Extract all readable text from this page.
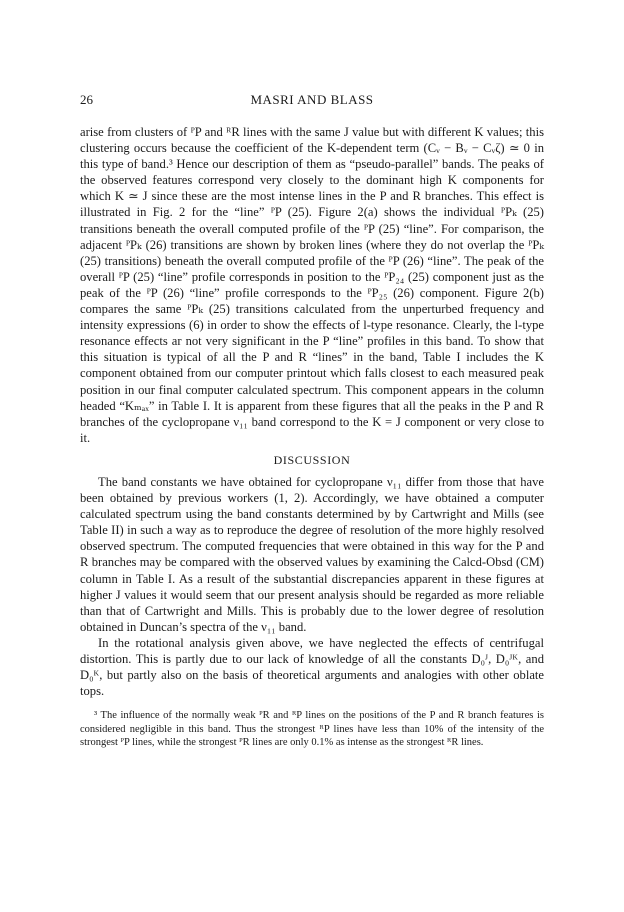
26	MASRI AND BLASS

arise from clusters of ᴾP and ᴿR lines with the same J value but with different K values; this clustering occurs because the coefficient of the K-dependent term (Cᵥ − Bᵥ − Cᵥζ) ≃ 0 in this type of band.³ Hence our description of them as “pseudo-parallel” bands. The peaks of the observed features correspond very closely to the dominant high K components for which K ≃ J since these are the most intense lines in the P and R branches. This effect is illustrated in Fig. 2 for the “line” ᴾP (25). Figure 2(a) shows the individual ᴾPₖ (25) transitions beneath the overall computed profile of the ᴾP (25) “line”. For comparison, the adjacent ᴾPₖ (26) transitions are shown by broken lines (where they do not overlap the ᴾPₖ (25) transitions) beneath the overall computed profile of the ᴾP (26) “line”. The peak of the overall ᴾP (25) “line” profile corresponds in position to the ᴾP₂₄ (25) component just as the peak of the ᴾP (26) “line” profile corresponds to the ᴾP₂₅ (26) component. Figure 2(b) compares the same ᴾPₖ (25) transitions calculated from the unperturbed frequency and intensity expressions (6) in order to show the effects of l-type resonance. Clearly, the l-type resonance effects ar not very significant in the P “line” profiles in this band. To show that this situation is typical of all the P and R “lines” in the band, Table I includes the K component obtained from our computer printout which falls closest to each measured peak position in our final computer calculated spectrum. This component appears in the column headed “Kₘₐₓ” in Table I. It is apparent from these figures that all the peaks in the P and R branches of the cyclopropane ν₁₁ band correspond to the K = J component or very close to it.

DISCUSSION

The band constants we have obtained for cyclopropane ν₁₁ differ from those that have been obtained by previous workers (1, 2). Accordingly, we have obtained a computer calculated spectrum using the band constants determined by by Cartwright and Mills (see Table II) in such a way as to reproduce the degree of resolution of the more highly resolved observed spectrum. The computed frequencies that were obtained in this way for the P and R branches may be compared with the observed values by examining the Calcd-Obsd (CM) column in Table I. As a result of the substantial discrepancies apparent in these figures at higher J values it would seem that our present analysis should be regarded as more reliable than that of Cartwright and Mills. This is probably due to the lower degree of resolution obtained in Duncan’s spectra of the ν₁₁ band.

In the rotational analysis given above, we have neglected the effects of centrifugal distortion. This is partly due to our lack of knowledge of all the constants D₀ᴶ, D₀ᴶᴷ, and D₀ᴷ, but partly also on the basis of theoretical arguments and analogies with other oblate tops.

³ The influence of the normally weak ᴾR and ᴿP lines on the positions of the P and R branch features is considered negligible in this band. Thus the strongest ᴿP lines have less than 10% of the intensity of the strongest ᴾP lines, while the strongest ᴾR lines are only 0.1% as intense as the strongest ᴿR lines.
